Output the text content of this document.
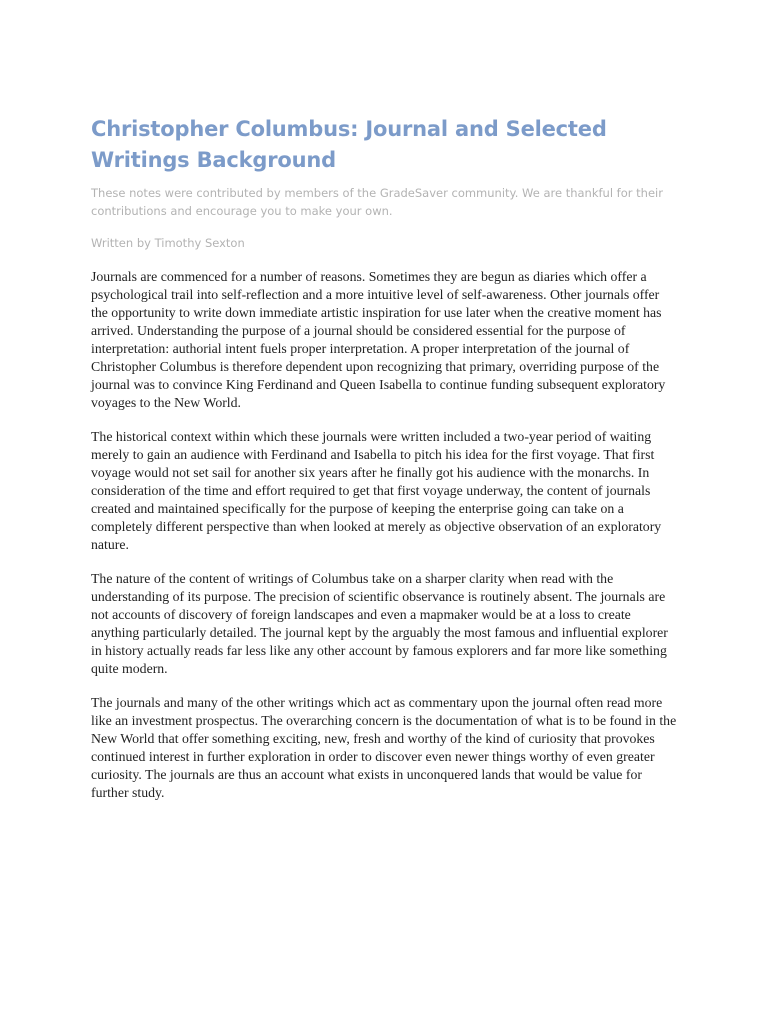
Christopher Columbus: Journal and Selected Writings Background

These notes were contributed by members of the GradeSaver community. We are thankful for their contributions and encourage you to make your own.

Written by Timothy Sexton

Journals are commenced for a number of reasons. Sometimes they are begun as diaries which offer a psychological trail into self-reflection and a more intuitive level of self-awareness. Other journals offer the opportunity to write down immediate artistic inspiration for use later when the creative moment has arrived. Understanding the purpose of a journal should be considered essential for the purpose of interpretation: authorial intent fuels proper interpretation. A proper interpretation of the journal of Christopher Columbus is therefore dependent upon recognizing that primary, overriding purpose of the journal was to convince King Ferdinand and Queen Isabella to continue funding subsequent exploratory voyages to the New World.

The historical context within which these journals were written included a two-year period of waiting merely to gain an audience with Ferdinand and Isabella to pitch his idea for the first voyage. That first voyage would not set sail for another six years after he finally got his audience with the monarchs. In consideration of the time and effort required to get that first voyage underway, the content of journals created and maintained specifically for the purpose of keeping the enterprise going can take on a completely different perspective than when looked at merely as objective observation of an exploratory nature.

The nature of the content of writings of Columbus take on a sharper clarity when read with the understanding of its purpose. The precision of scientific observance is routinely absent. The journals are not accounts of discovery of foreign landscapes and even a mapmaker would be at a loss to create anything particularly detailed. The journal kept by the arguably the most famous and influential explorer in history actually reads far less like any other account by famous explorers and far more like something quite modern.

The journals and many of the other writings which act as commentary upon the journal often read more like an investment prospectus. The overarching concern is the documentation of what is to be found in the New World that offer something exciting, new, fresh and worthy of the kind of curiosity that provokes continued interest in further exploration in order to discover even newer things worthy of even greater curiosity. The journals are thus an account what exists in unconquered lands that would be value for further study.
